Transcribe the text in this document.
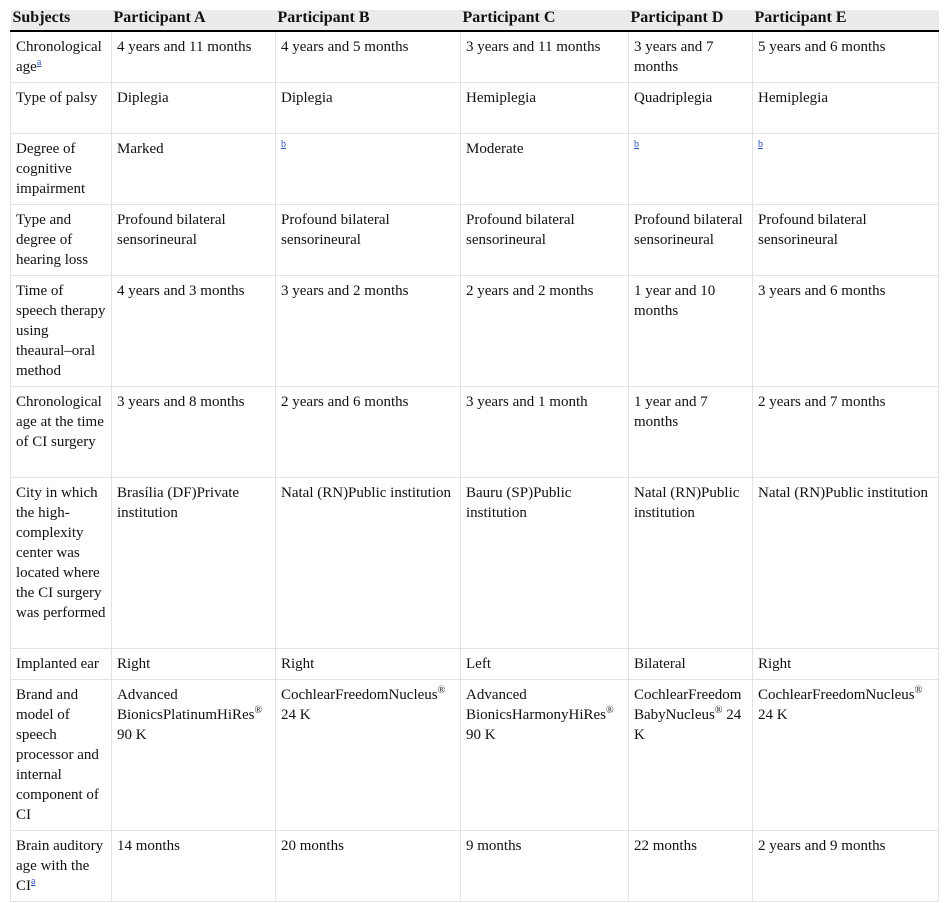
Subjects	Participant A	Participant B	Participant C	Participant D	Participant E
Chronological age$^a$	4 years and 11 months	4 years and 5 months	3 years and 11 months	3 years and 7 months	5 years and 6 months
Type of palsy	Diplegia	Diplegia	Hemiplegia	Quadriplegia	Hemiplegia
Degree of cognitive impairment	Marked	$^b$	Moderate	$^b$	$^b$
Type and degree of hearing loss	Profound bilateral sensorineural	Profound bilateral sensorineural	Profound bilateral sensorineural	Profound bilateral sensorineural	Profound bilateral sensorineural
Time of speech therapy using theaural–oral method	4 years and 3 months	3 years and 2 months	2 years and 2 months	1 year and 10 months	3 years and 6 months
Chronological age at the time of CI surgery	3 years and 8 months	2 years and 6 months	3 years and 1 month	1 year and 7 months	2 years and 7 months
City in which the high-complexity center was located where the CI surgery was performed	Brasília (DF)Private institution	Natal (RN)Public institution	Bauru (SP)Public institution	Natal (RN)Public institution	Natal (RN)Public institution
Implanted ear	Right	Right	Left	Bilateral	Right
Brand and model of speech processor and internal component of CI	Advanced BionicsPlatinumHiRes® 90 K	CochlearFreedomNucleus® 24 K	Advanced BionicsHarmonyHiRes® 90 K	CochlearFreedom BabyNucleus® 24 K	CochlearFreedomNucleus® 24 K
Brain auditory age with the CI$^a$	14 months	20 months	9 months	22 months	2 years and 9 months
